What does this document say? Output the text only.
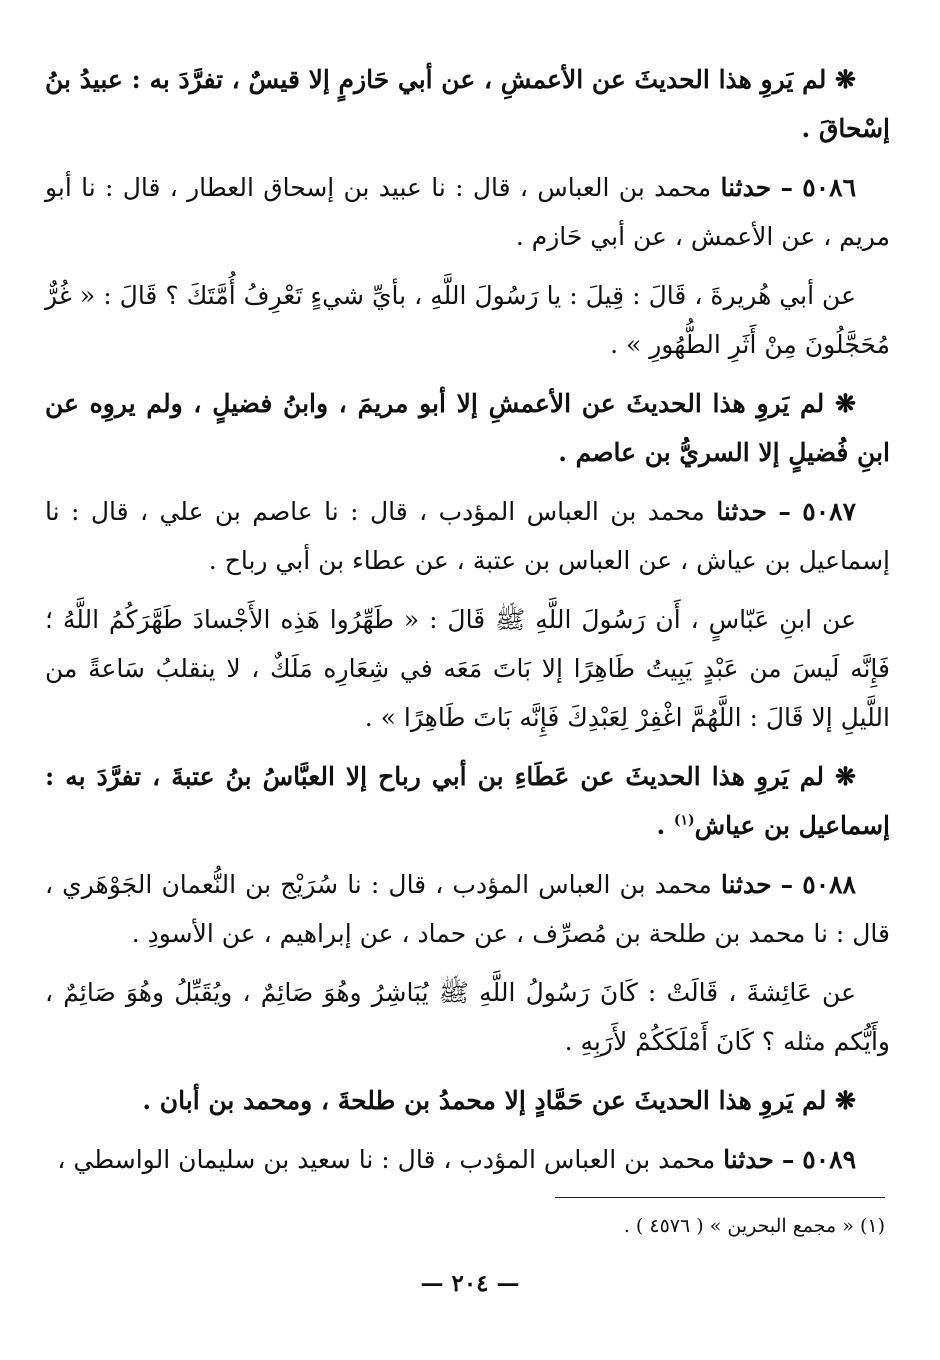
❋ لم يَروِ هذا الحديثَ عن الأعمشِ ، عن أبي حَازمٍ إلا قيسٌ ، تفرَّدَ به : عبيدُ بنُ إسْحاقَ .

٥٠٨٦ – حدثنا محمد بن العباس ، قال : نا عبيد بن إسحاق العطار ، قال : نا أبو مريم ، عن الأعمش ، عن أبي حَازم .

عن أبي هُريرةَ ، قَالَ : قِيلَ : يا رَسُولَ اللَّهِ ، بأيِّ شيءٍ تَعْرِفُ أُمَّتَكَ ؟ قَالَ : « غُرٌّ مُحَجَّلُونَ مِنْ أَثَرِ الطُّهُورِ » .

❋ لم يَروِ هذا الحديثَ عن الأعمشِ إلا أبو مريمَ ، وابنُ فضيلٍ ، ولم يروِه عن ابنِ فُضيلٍ إلا السريُّ بن عاصم .

٥٠٨٧ – حدثنا محمد بن العباس المؤدب ، قال : نا عاصم بن علي ، قال : نا إسماعيل بن عياش ، عن العباس بن عتبة ، عن عطاء بن أبي رباح .

عن ابنِ عَبّاسٍ ، أَن رَسُولَ اللَّهِ ﷺ قَالَ : « طَهِّرُوا هَذِه الأَجْسادَ طَهَّرَكُمُ اللَّهُ ؛ فَإِنَّه لَيسَ من عَبْدٍ يَبِيتُ طَاهِرًا إلا بَاتَ مَعَه في شِعَارِه مَلَكٌ ، لا ينقلبُ سَاعةً من اللَّيلِ إلا قَالَ : اللَّهُمَّ اغْفِرْ لِعَبْدِكَ فَإِنَّه بَاتَ طَاهِرًا » .

❋ لم يَروِ هذا الحديثَ عن عَطَاءِ بن أبي رباح إلا العبَّاسُ بنُ عتبةَ ، تفرَّدَ به : إسماعيل بن عياش$^{(١)}$ .

٥٠٨٨ – حدثنا محمد بن العباس المؤدب ، قال : نا سُرَيْج بن النُّعمان الجَوْهَري ، قال : نا محمد بن طلحة بن مُصرِّف ، عن حماد ، عن إبراهيم ، عن الأسودِ .

عن عَائِشةَ ، قَالَتْ : كَانَ رَسُولُ اللَّهِ ﷺ يُبَاشِرُ وهُوَ صَائِمٌ ، ويُقَبِّلُ وهُوَ صَائِمٌ ، وأَيُّكم مثله ؟ كَانَ أَمْلَكَكُمْ لأَرَبِهِ .

❋ لم يَروِ هذا الحديثَ عن حَمَّادٍ إلا محمدُ بن طلحةَ ، ومحمد بن أبان .

٥٠٨٩ – حدثنا محمد بن العباس المؤدب ، قال : نا سعيد بن سليمان الواسطي ،

(١) « مجمع البحرين » ( ٤٥٧٦ ) .
— ٢٠٤ —
